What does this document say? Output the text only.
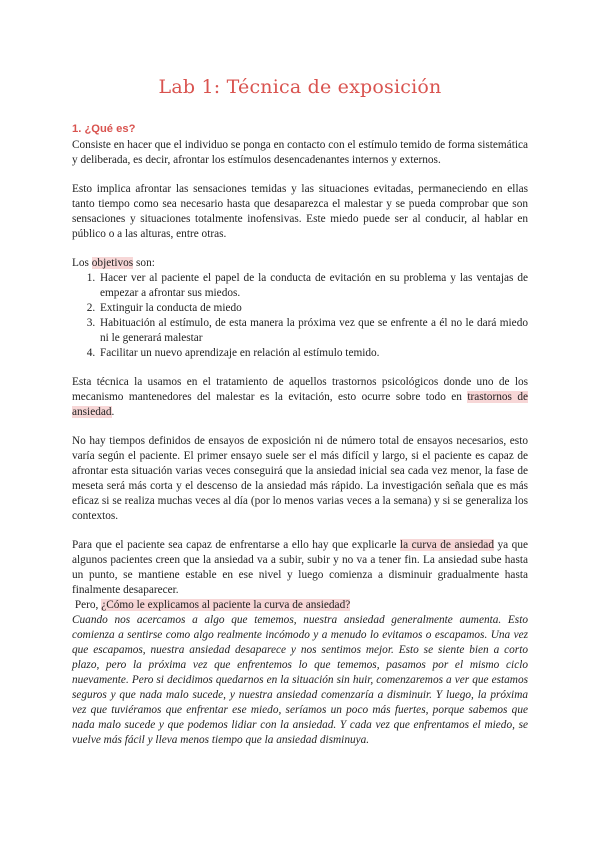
Lab 1: Técnica de exposición
1. ¿Qué es?

Consiste en hacer que el individuo se ponga en contacto con el estímulo temido de forma sistemática y deliberada, es decir, afrontar los estímulos desencadenantes internos y externos.

Esto implica afrontar las sensaciones temidas y las situaciones evitadas, permaneciendo en ellas tanto tiempo como sea necesario hasta que desaparezca el malestar y se pueda comprobar que son sensaciones y situaciones totalmente inofensivas. Este miedo puede ser al conducir, al hablar en público o a las alturas, entre otras.

Los objetivos son:
1. Hacer ver al paciente el papel de la conducta de evitación en su problema y las ventajas de empezar a afrontar sus miedos.
2. Extinguir la conducta de miedo
3. Habituación al estímulo, de esta manera la próxima vez que se enfrente a él no le dará miedo ni le generará malestar
4. Facilitar un nuevo aprendizaje en relación al estímulo temido.

Esta técnica la usamos en el tratamiento de aquellos trastornos psicológicos donde uno de los mecanismo mantenedores del malestar es la evitación, esto ocurre sobre todo en trastornos de ansiedad.

No hay tiempos definidos de ensayos de exposición ni de número total de ensayos necesarios, esto varía según el paciente. El primer ensayo suele ser el más difícil y largo, si el paciente es capaz de afrontar esta situación varias veces conseguirá que la ansiedad inicial sea cada vez menor, la fase de meseta será más corta y el descenso de la ansiedad más rápido. La investigación señala que es más eficaz si se realiza muchas veces al día (por lo menos varias veces a la semana) y si se generaliza los contextos.

Para que el paciente sea capaz de enfrentarse a ello hay que explicarle la curva de ansiedad ya que algunos pacientes creen que la ansiedad va a subir, subir y no va a tener fin. La ansiedad sube hasta un punto, se mantiene estable en ese nivel y luego comienza a disminuir gradualmente hasta finalmente desaparecer.

Pero, ¿Cómo le explicamos al paciente la curva de ansiedad?
Cuando nos acercamos a algo que tememos, nuestra ansiedad generalmente aumenta. Esto comienza a sentirse como algo realmente incómodo y a menudo lo evitamos o escapamos. Una vez que escapamos, nuestra ansiedad desaparece y nos sentimos mejor. Esto se siente bien a corto plazo, pero la próxima vez que enfrentemos lo que tememos, pasamos por el mismo ciclo nuevamente. Pero si decidimos quedarnos en la situación sin huir, comenzaremos a ver que estamos seguros y que nada malo sucede, y nuestra ansiedad comenzaría a disminuir. Y luego, la próxima vez que tuviéramos que enfrentar ese miedo, seríamos un poco más fuertes, porque sabemos que nada malo sucede y que podemos lidiar con la ansiedad. Y cada vez que enfrentamos el miedo, se vuelve más fácil y lleva menos tiempo que la ansiedad disminuya.
